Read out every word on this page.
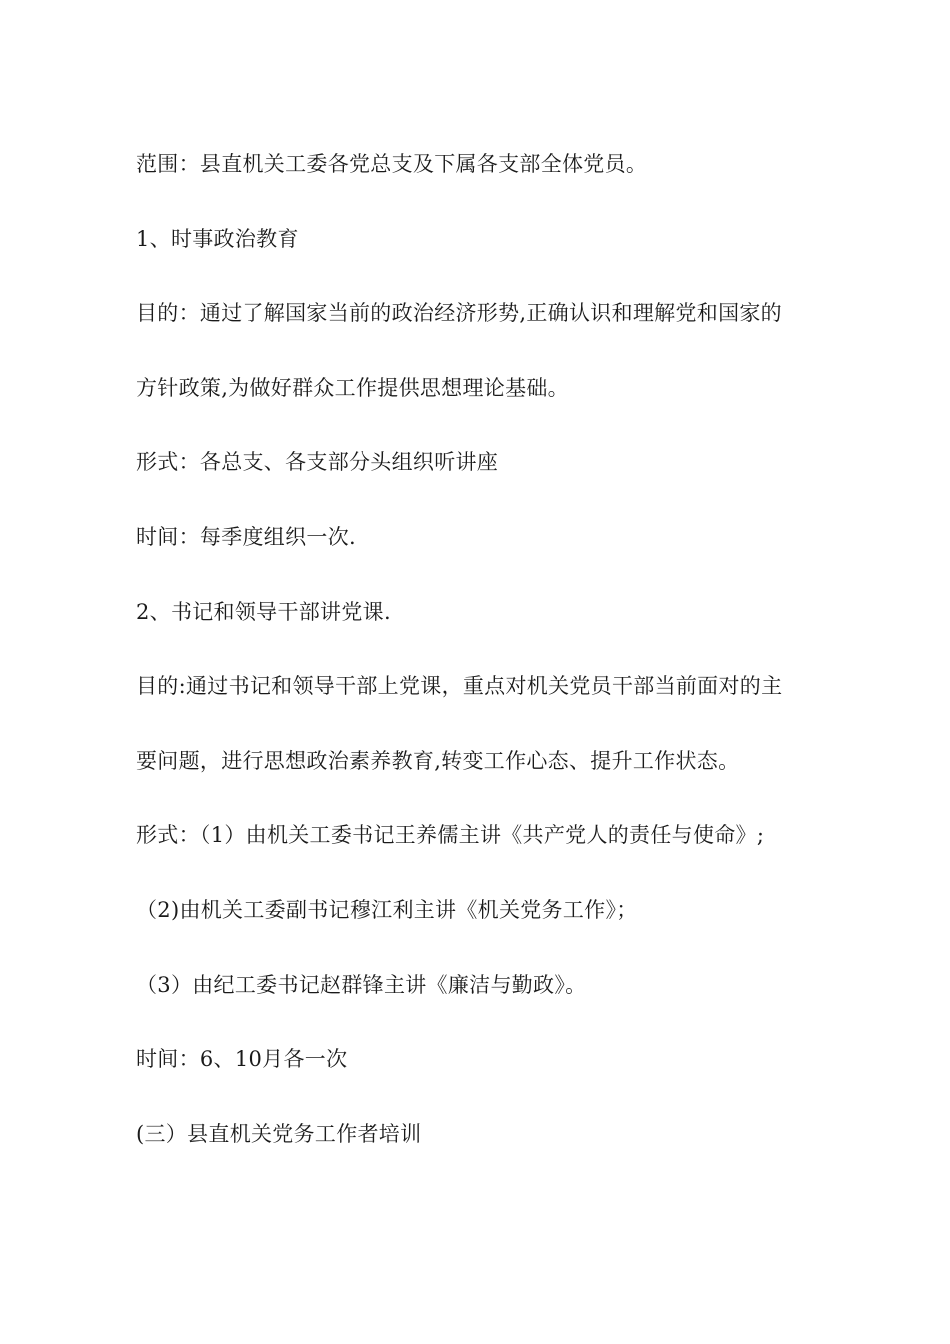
范围：县直机关工委各党总支及下属各支部全体党员。
1、时事政治教育
目的：通过了解国家当前的政治经济形势,正确认识和理解党和国家的
方针政策,为做好群众工作提供思想理论基础。
形式：各总支、各支部分头组织听讲座
时间：每季度组织一次.
2、书记和领导干部讲党课.
目的:通过书记和领导干部上党课，重点对机关党员干部当前面对的主
要问题，进行思想政治素养教育,转变工作心态、提升工作状态。
形式：（1）由机关工委书记王养儒主讲《共产党人的责任与使命》;
（2)由机关工委副书记穆江利主讲《机关党务工作》；
（3）由纪工委书记赵群锋主讲《廉洁与勤政》。
时间：6、10月各一次
(三）县直机关党务工作者培训
